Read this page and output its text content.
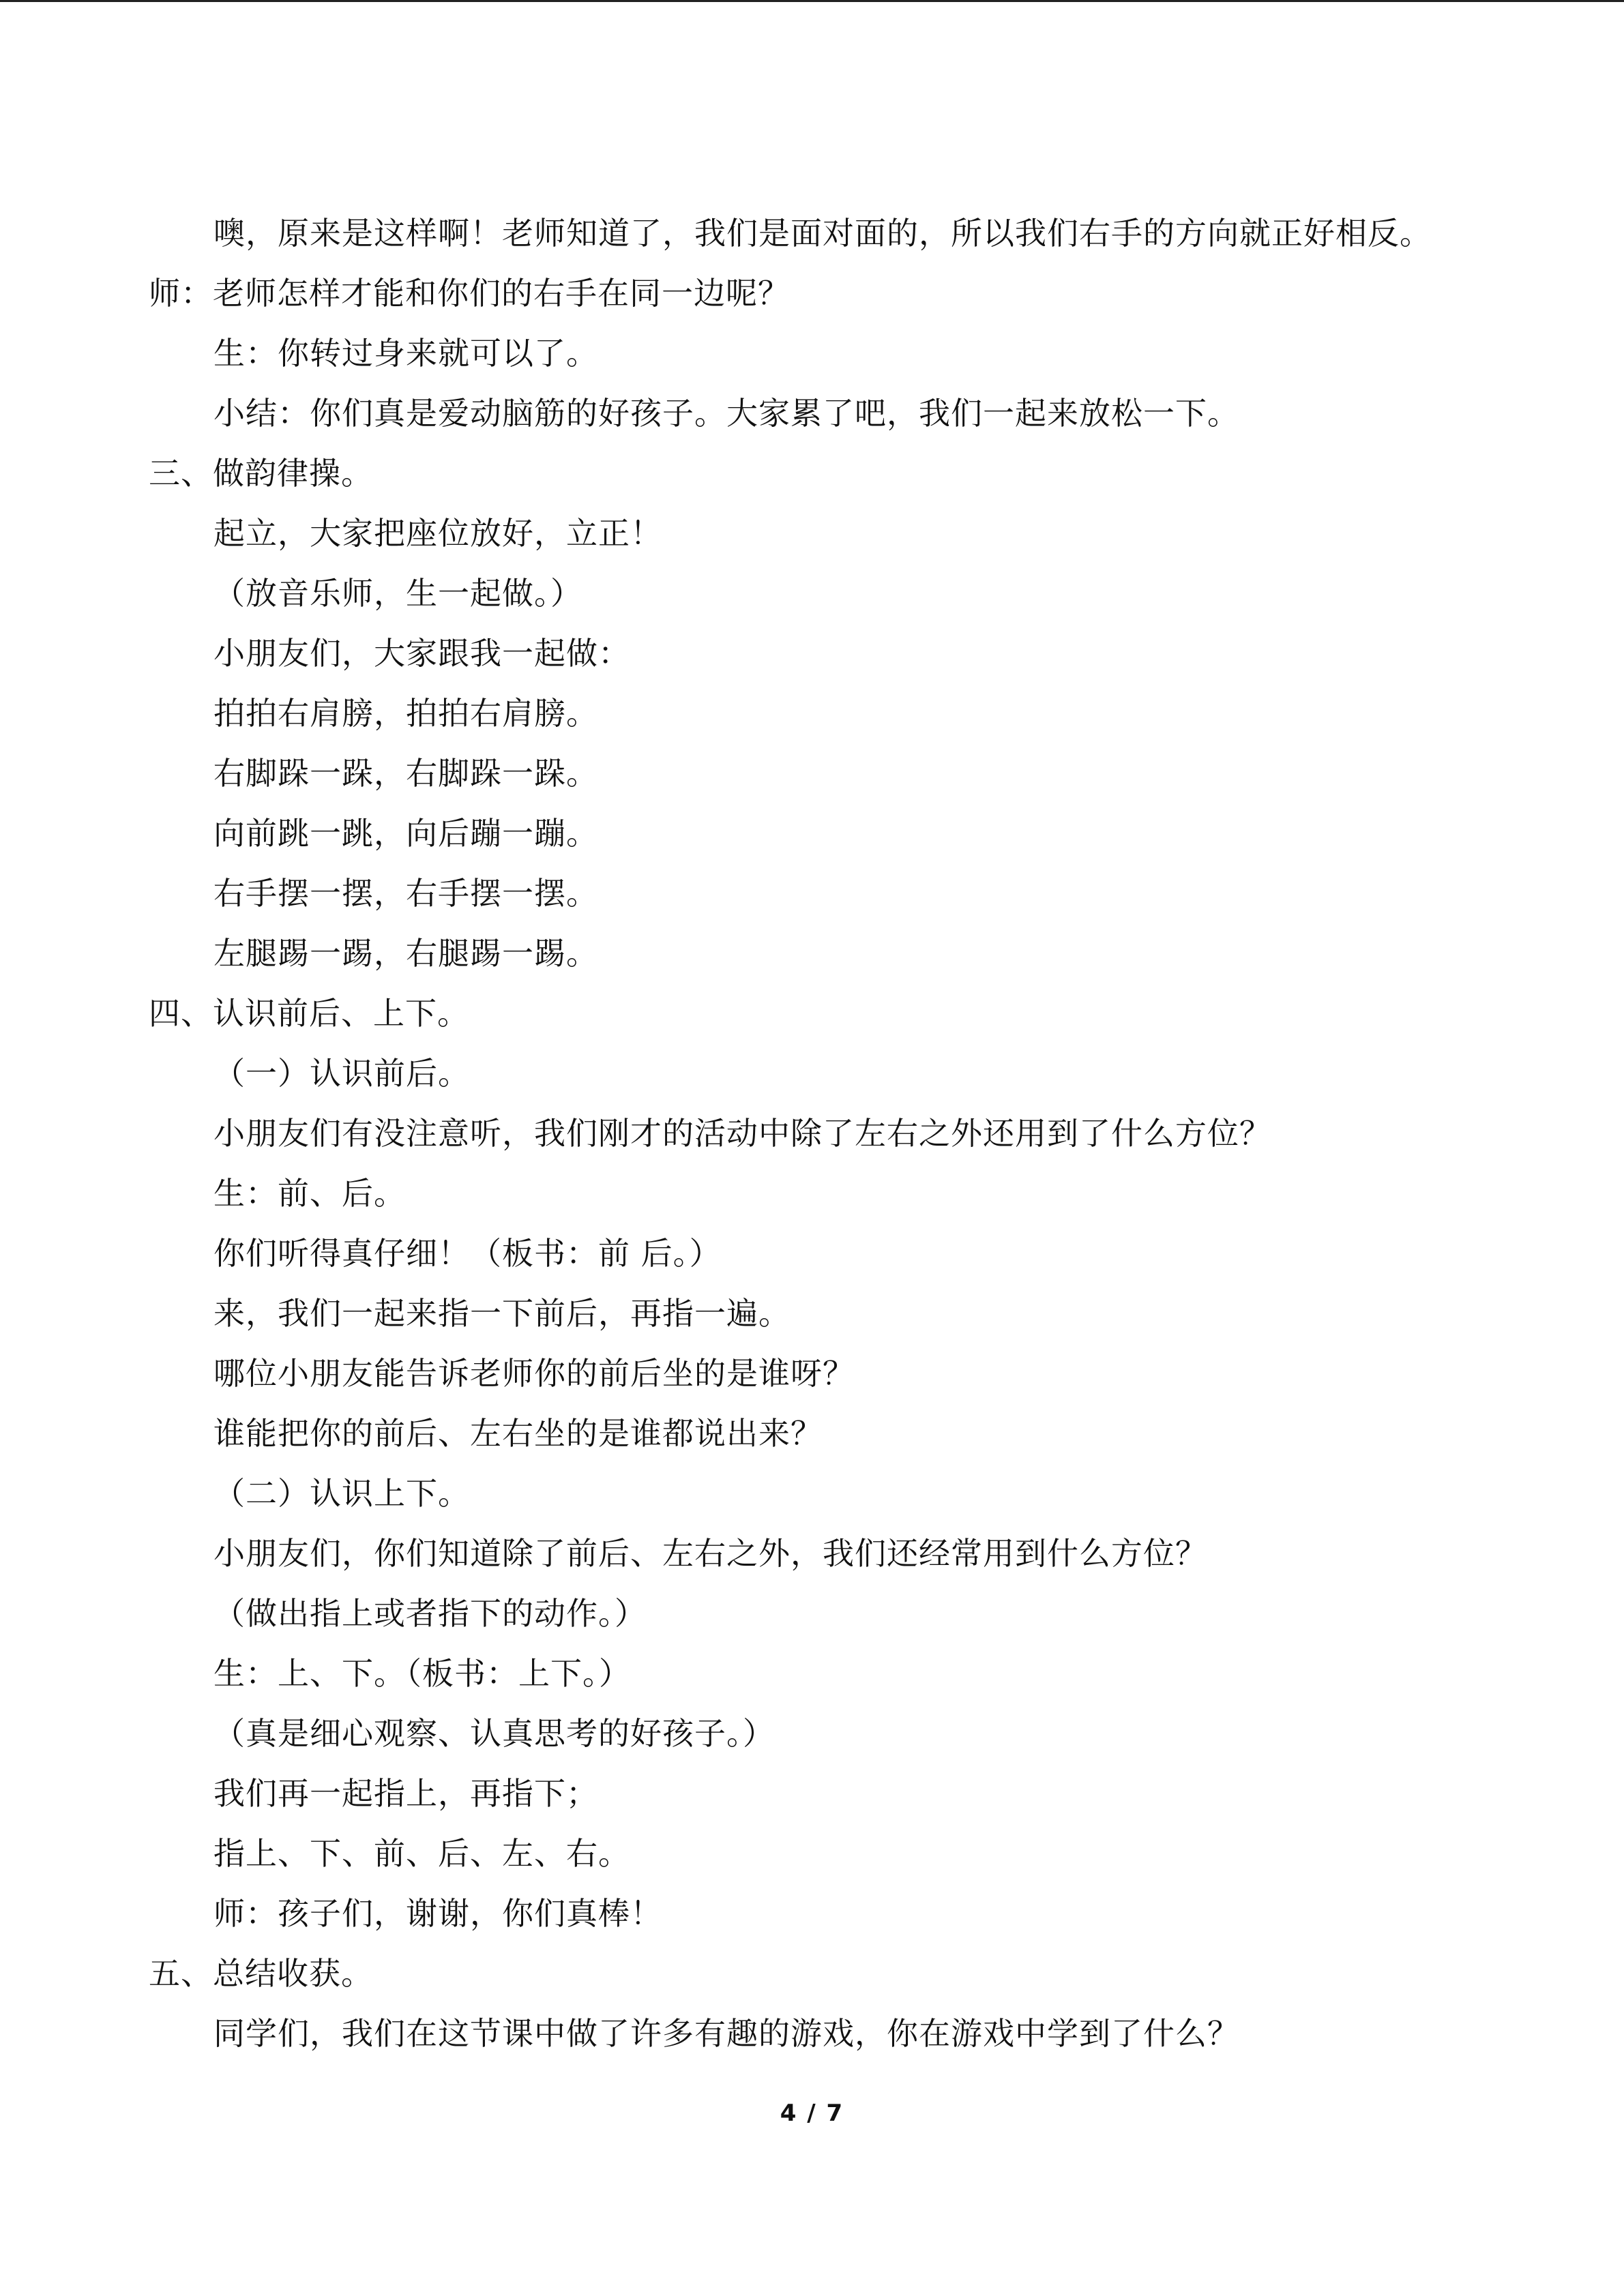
噢，原来是这样啊！老师知道了，我们是面对面的，所以我们右手的方向就正好相反。
师：老师怎样才能和你们的右手在同一边呢？
生：你转过身来就可以了。
小结：你们真是爱动脑筋的好孩子。大家累了吧，我们一起来放松一下。
三、做韵律操。
起立，大家把座位放好，立正！
（放音乐师，生一起做。）
小朋友们，大家跟我一起做：
拍拍右肩膀，拍拍右肩膀。
右脚跺一跺，右脚跺一跺。
向前跳一跳，向后蹦一蹦。
右手摆一摆，右手摆一摆。
左腿踢一踢，右腿踢一踢。
四、认识前后、上下。
（一）认识前后。
小朋友们有没注意听，我们刚才的活动中除了左右之外还用到了什么方位？
生：前、后。
你们听得真仔细！（板书：前 后。）
来，我们一起来指一下前后，再指一遍。
哪位小朋友能告诉老师你的前后坐的是谁呀？
谁能把你的前后、左右坐的是谁都说出来？
（二）认识上下。
小朋友们，你们知道除了前后、左右之外，我们还经常用到什么方位？
（做出指上或者指下的动作。）
生：上、下。（板书：上下。）
（真是细心观察、认真思考的好孩子。）
我们再一起指上，再指下；
指上、下、前、后、左、右。
师：孩子们，谢谢，你们真棒！
五、总结收获。
同学们，我们在这节课中做了许多有趣的游戏，你在游戏中学到了什么？
4 / 7
